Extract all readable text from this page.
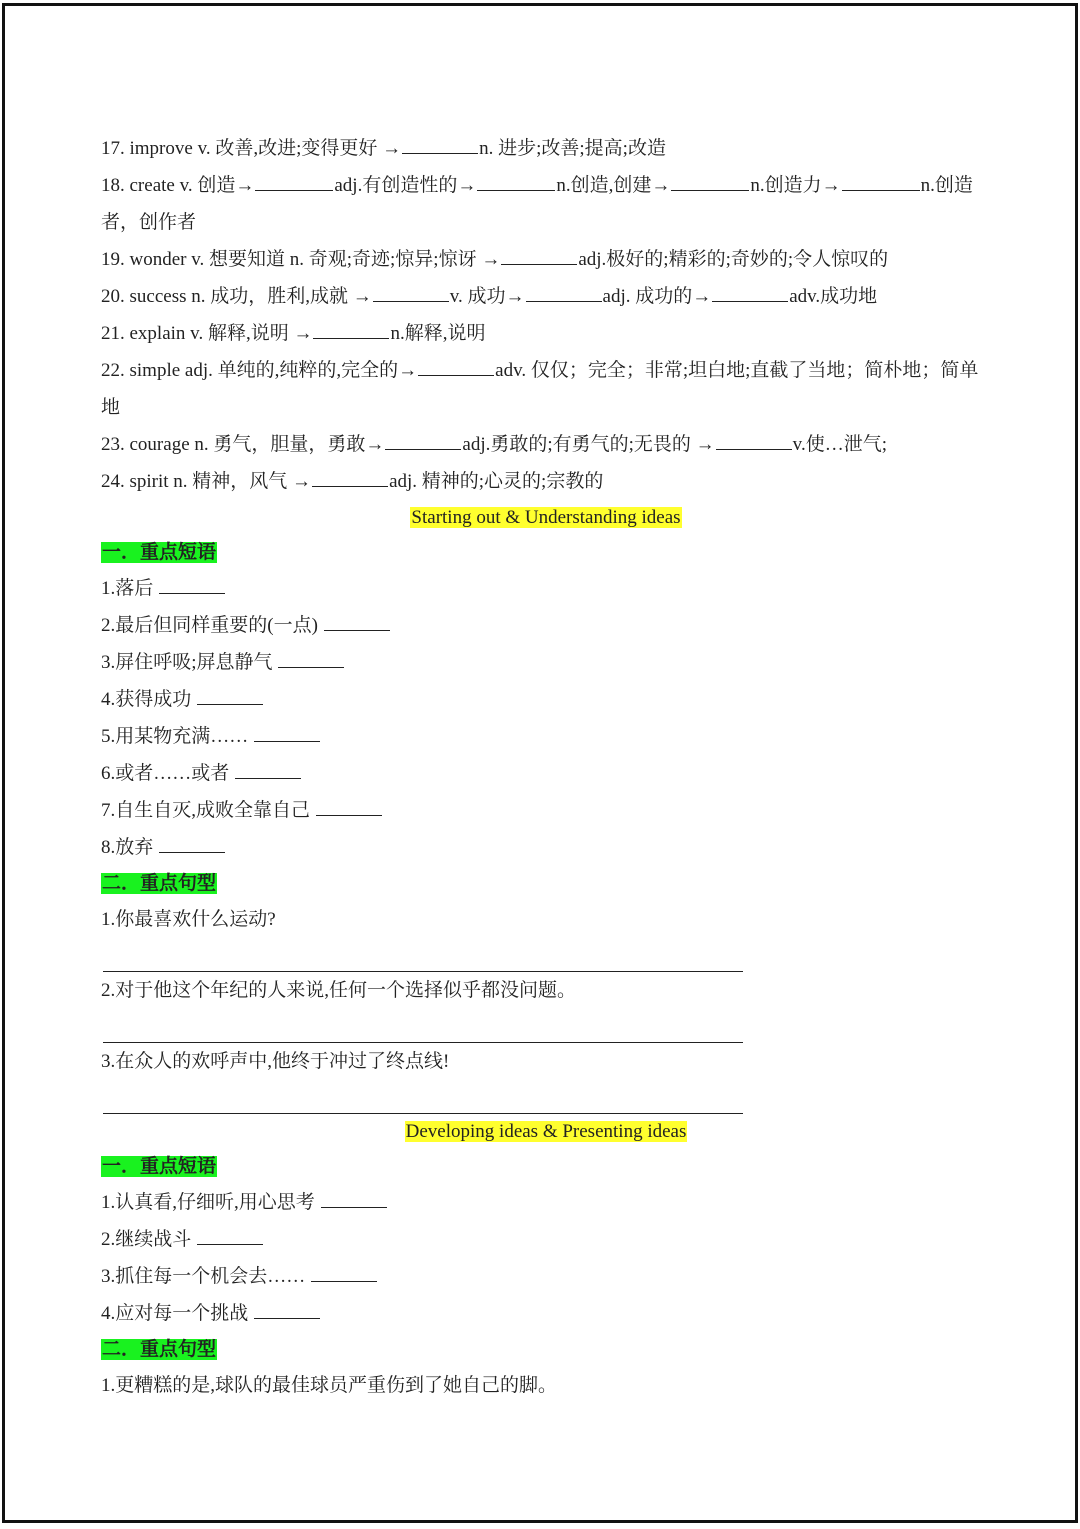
17. improve v. 改善,改进;变得更好 →	n. 进步;改善;提高;改造
18. create v. 创造→	adj.有创造性的→	n.创造,创建→	n.创造力→	n.创造
者，创作者
19. wonder v. 想要知道 n. 奇观;奇迹;惊异;惊讶 →	adj.极好的;精彩的;奇妙的;令人惊叹的
20. success n. 成功，胜利,成就 →	v. 成功→	adj. 成功的→	adv.成功地
21. explain v. 解释,说明 →	n.解释,说明
22. simple adj. 单纯的,纯粹的,完全的→	adv. 仅仅；完全；非常;坦白地;直截了当地；简朴地；简单
地
23. courage n. 勇气，胆量，勇敢→	adj.勇敢的;有勇气的;无畏的 →	v.使…泄气;
24. spirit n. 精神，风气 →	adj. 精神的;心灵的;宗教的
Starting out & Understanding ideas
一．重点短语
1.落后
2.最后但同样重要的(一点)
3.屏住呼吸;屏息静气
4.获得成功
5.用某物充满……
6.或者……或者
7.自生自灭,成败全靠自己
8.放弃
二．重点句型
1.你最喜欢什么运动?
2.对于他这个年纪的人来说,任何一个选择似乎都没问题。
3.在众人的欢呼声中,他终于冲过了终点线!
Developing ideas & Presenting ideas
一．重点短语
1.认真看,仔细听,用心思考
2.继续战斗
3.抓住每一个机会去……
4.应对每一个挑战
二．重点句型
1.更糟糕的是,球队的最佳球员严重伤到了她自己的脚。
